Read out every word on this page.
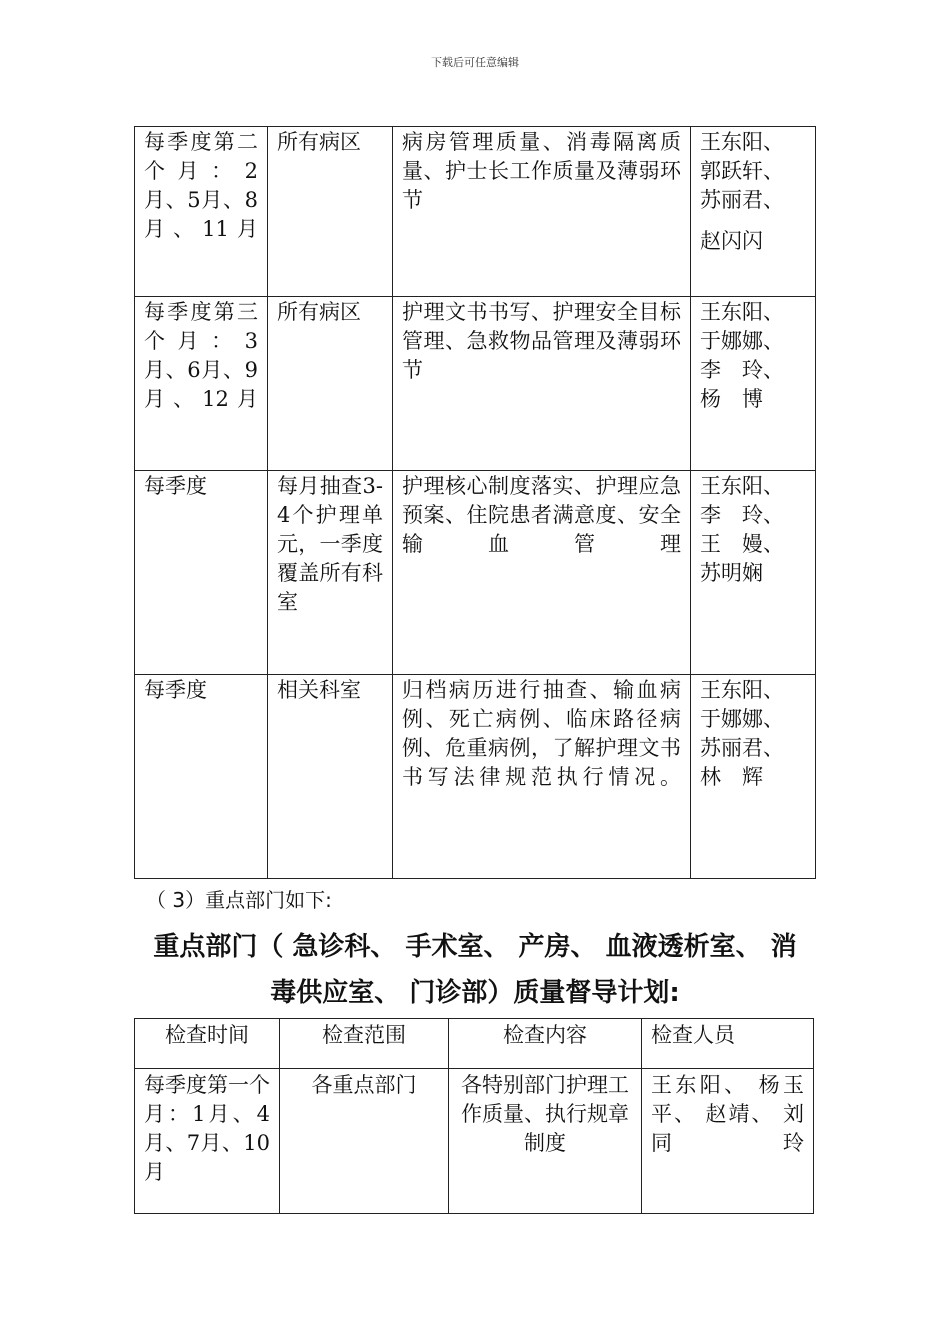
下载后可任意编辑
每季度第二个月：2月、5月、8月、11月	所有病区	病房管理质量、消毒隔离质量、护士长工作质量及薄弱环节	王东阳、
郭跃轩、
苏丽君、
赵闪闪

每季度第三个月：3月、6月、9月、12月	所有病区	护理文书书写、护理安全目标管理、急救物品管理及薄弱环节	王东阳、
于娜娜、
李　玲、
杨　博

每季度	每月抽查3-4个护理单元，一季度覆盖所有科室	护理核心制度落实、护理应急预案、住院患者满意度、安全输血管理	王东阳、
李　玲、
王　嫚、
苏明娴

每季度	相关科室	归档病历进行抽查、输血病例、死亡病例、临床路径病例、危重病例，了解护理文书书写法律规范执行情况。	王东阳、
于娜娜、
苏丽君、
林　辉
（ 3）重点部门如下:
重点部门（ 急诊科、 手术室、 产房、 血液透析室、 消
毒供应室、 门诊部）质量督导计划:
检查时间	检查范围	检查内容	检查人员
每季度第一个月：1月、4月、7月、10月	各重点部门	各特别部门护理工作质量、执行规章制度	王东阳、 杨玉平、 赵靖、 刘同玲
